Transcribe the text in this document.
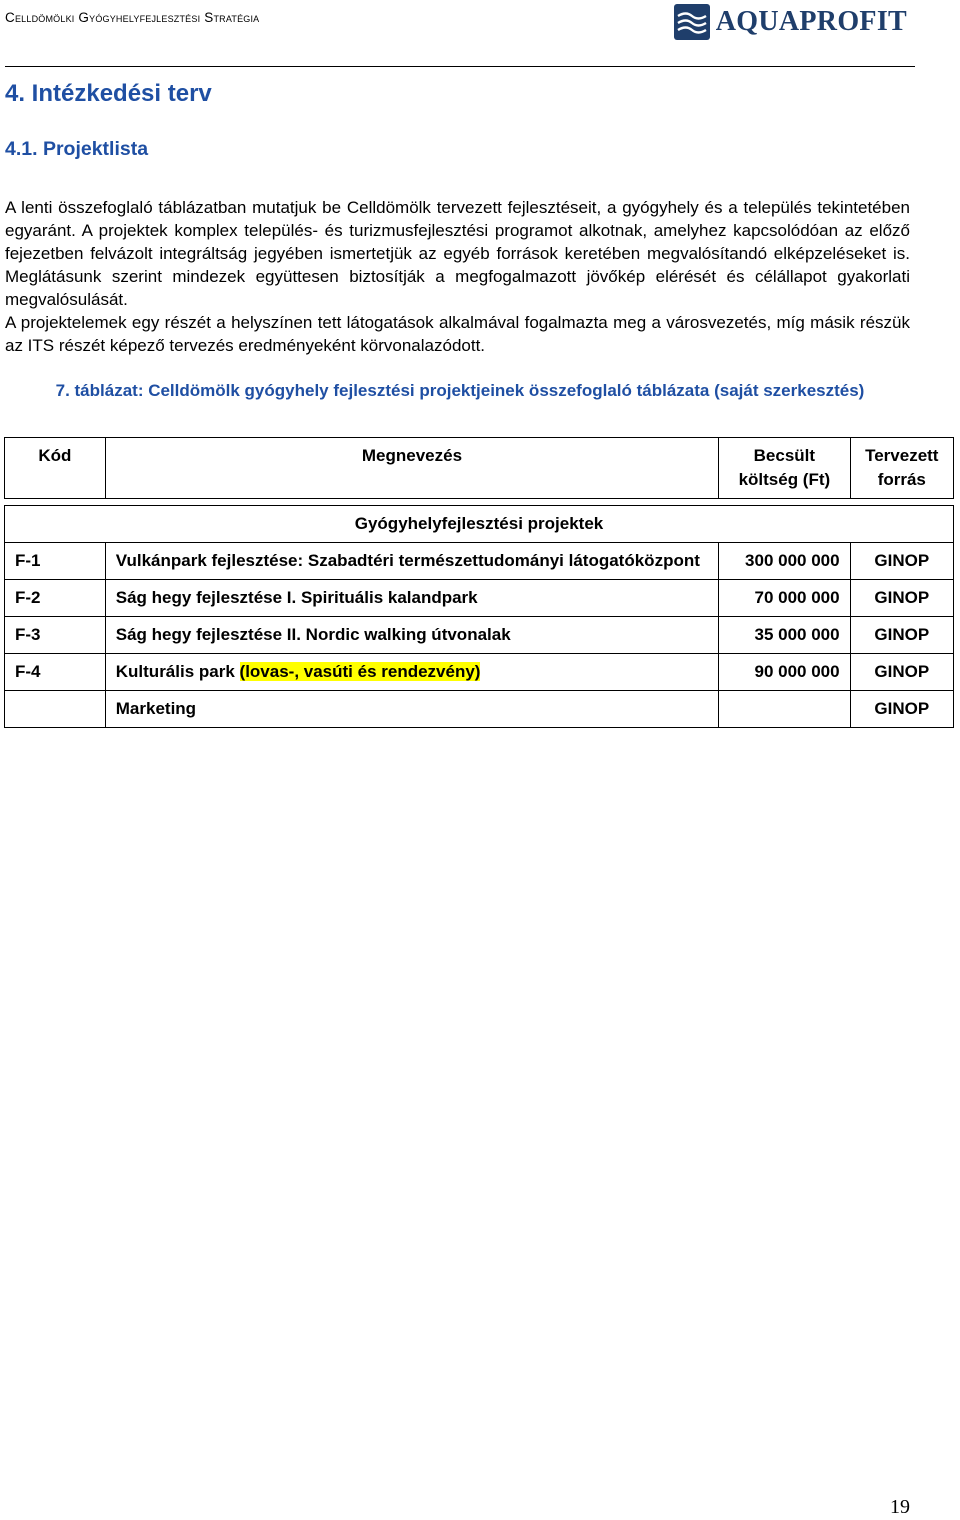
Celldömölki Gyógyhelyfejlesztési Stratégia	AQUAPROFIT
4. Intézkedési terv
4.1. Projektlista

A lenti összefoglaló táblázatban mutatjuk be Celldömölk tervezett fejlesztéseit, a gyógyhely és a település tekintetében egyaránt. A projektek komplex település- és turizmusfejlesztési programot alkotnak, amelyhez kapcsolódóan az előző fejezetben felvázolt integráltság jegyében ismertetjük az egyéb források keretében megvalósítandó elképzeléseket is. Meglátásunk szerint mindezek együttesen biztosítják a megfogalmazott jövőkép elérését és célállapot gyakorlati megvalósulását.

A projektelemek egy részét a helyszínen tett látogatások alkalmával fogalmazta meg a városvezetés, míg másik részük az ITS részét képező tervezés eredményeként körvonalazódott.

7. táblázat: Celldömölk gyógyhely fejlesztési projektjeinek összefoglaló táblázata (saját szerkesztés)
Kód	Megnevezés	Becsült költség (Ft)	Tervezett forrás

Gyógyhelyfejlesztési projektek			
F-1	Vulkánpark fejlesztése: Szabadtéri természettudományi látogatóközpont	300 000 000	GINOP
F-2	Ság hegy fejlesztése I. Spirituális kalandpark	70 000 000	GINOP
F-3	Ság hegy fejlesztése II. Nordic walking útvonalak	35 000 000	GINOP
F-4	Kulturális park (lovas-, vasúti és rendezvény)	90 000 000	GINOP
	Marketing		GINOP
19
